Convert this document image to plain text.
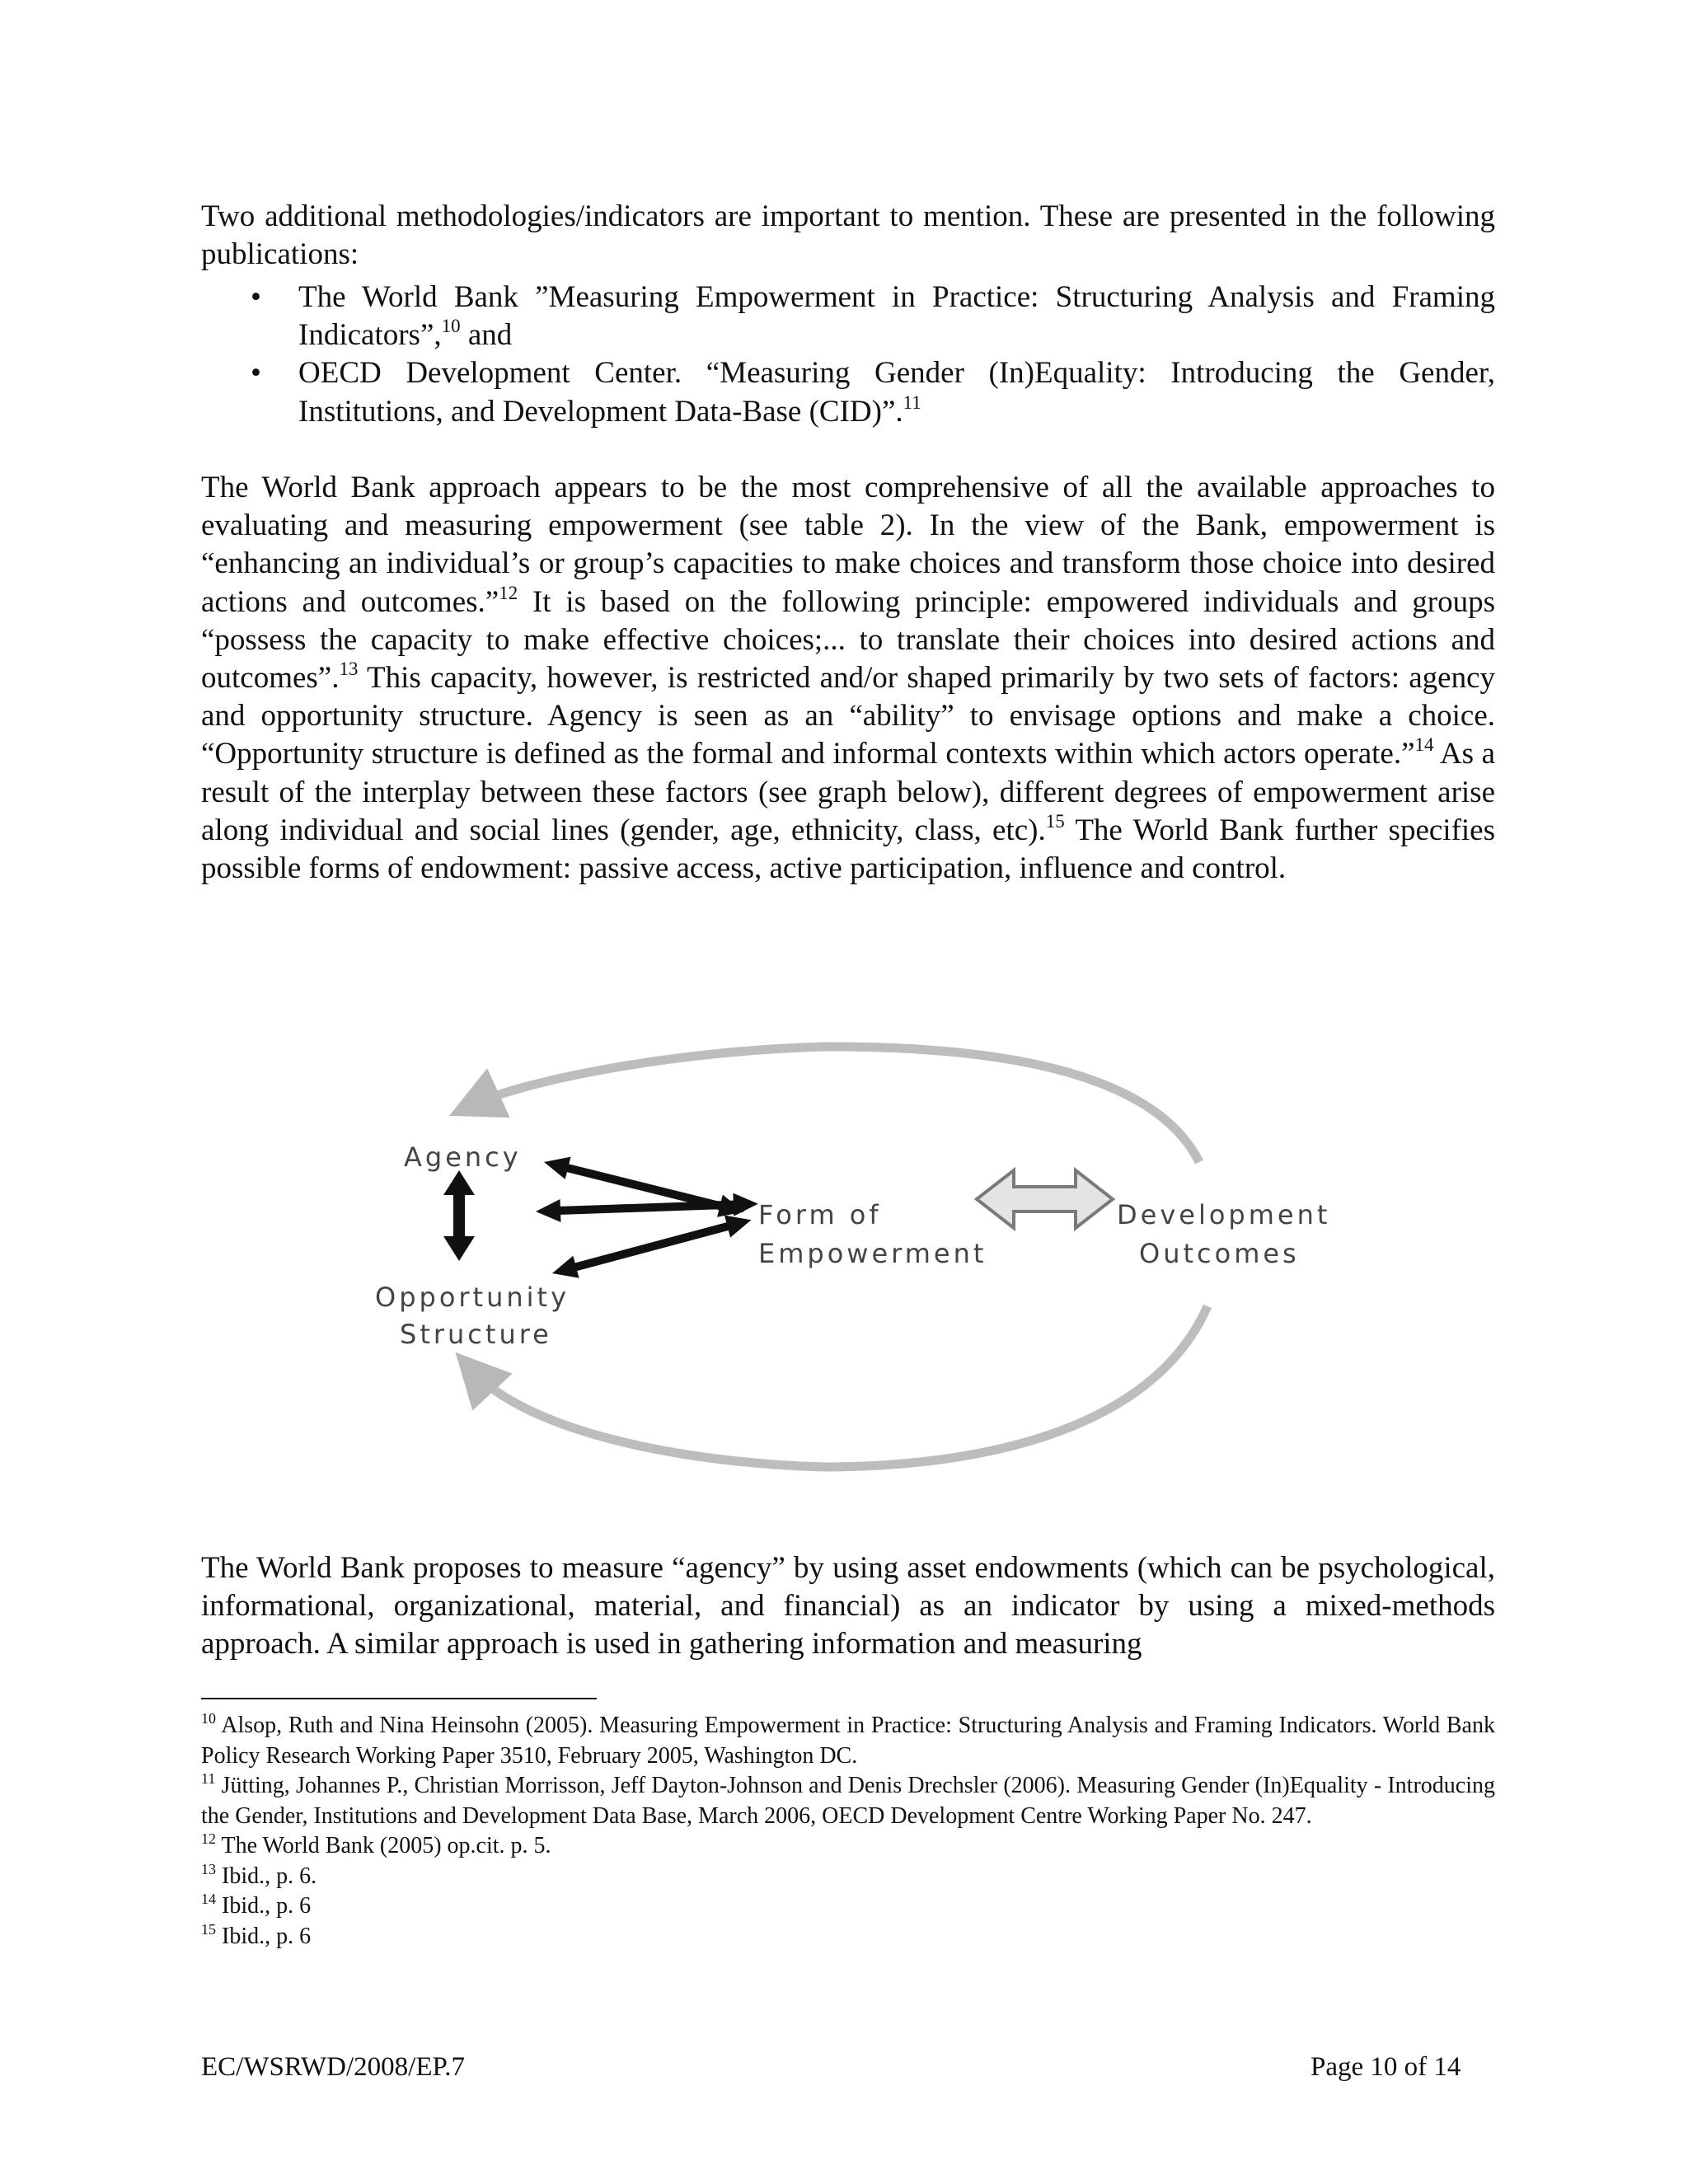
Two additional methodologies/indicators are important to mention. These are presented in the following publications:

• The World Bank ”Measuring Empowerment in Practice: Structuring Analysis and Framing Indicators”,$^{10}$ and
• OECD Development Center. “Measuring Gender (In)Equality: Introducing the Gender, Institutions, and Development Data-Base (CID)”.$^{11}$

The World Bank approach appears to be the most comprehensive of all the available approaches to evaluating and measuring empowerment (see table 2). In the view of the Bank, empowerment is “enhancing an individual’s or group’s capacities to make choices and transform those choice into desired actions and outcomes.”$^{12}$ It is based on the following principle: empowered individuals and groups “possess the capacity to make effective choices;... to translate their choices into desired actions and outcomes”.$^{13}$ This capacity, however, is restricted and/or shaped primarily by two sets of factors: agency and opportunity structure. Agency is seen as an “ability” to envisage options and make a choice. “Opportunity structure is defined as the formal and informal contexts within which actors operate.”$^{14}$ As a result of the interplay between these factors (see graph below), different degrees of empowerment arise along individual and social lines (gender, age, ethnicity, class, etc).$^{15}$ The World Bank further specifies possible forms of endowment: passive access, active participation, influence and control.

Agency
Opportunity
Structure
Form of
Empowerment
Development
Outcomes

The World Bank proposes to measure “agency” by using asset endowments (which can be psychological, informational, organizational, material, and financial) as an indicator by using a mixed-methods approach. A similar approach is used in gathering information and measuring

$^{10}$ Alsop, Ruth and Nina Heinsohn (2005). Measuring Empowerment in Practice: Structuring Analysis and Framing Indicators. World Bank Policy Research Working Paper 3510, February 2005, Washington DC.

$^{11}$ Jütting, Johannes P., Christian Morrisson, Jeff Dayton-Johnson and Denis Drechsler (2006). Measuring Gender (In)Equality - Introducing the Gender, Institutions and Development Data Base, March 2006, OECD Development Centre Working Paper No. 247.

$^{12}$ The World Bank (2005) op.cit. p. 5.

$^{13}$ Ibid., p. 6.

$^{14}$ Ibid., p. 6

$^{15}$ Ibid., p. 6

EC/WSRWD/2008/EP.7	Page 10 of 14
